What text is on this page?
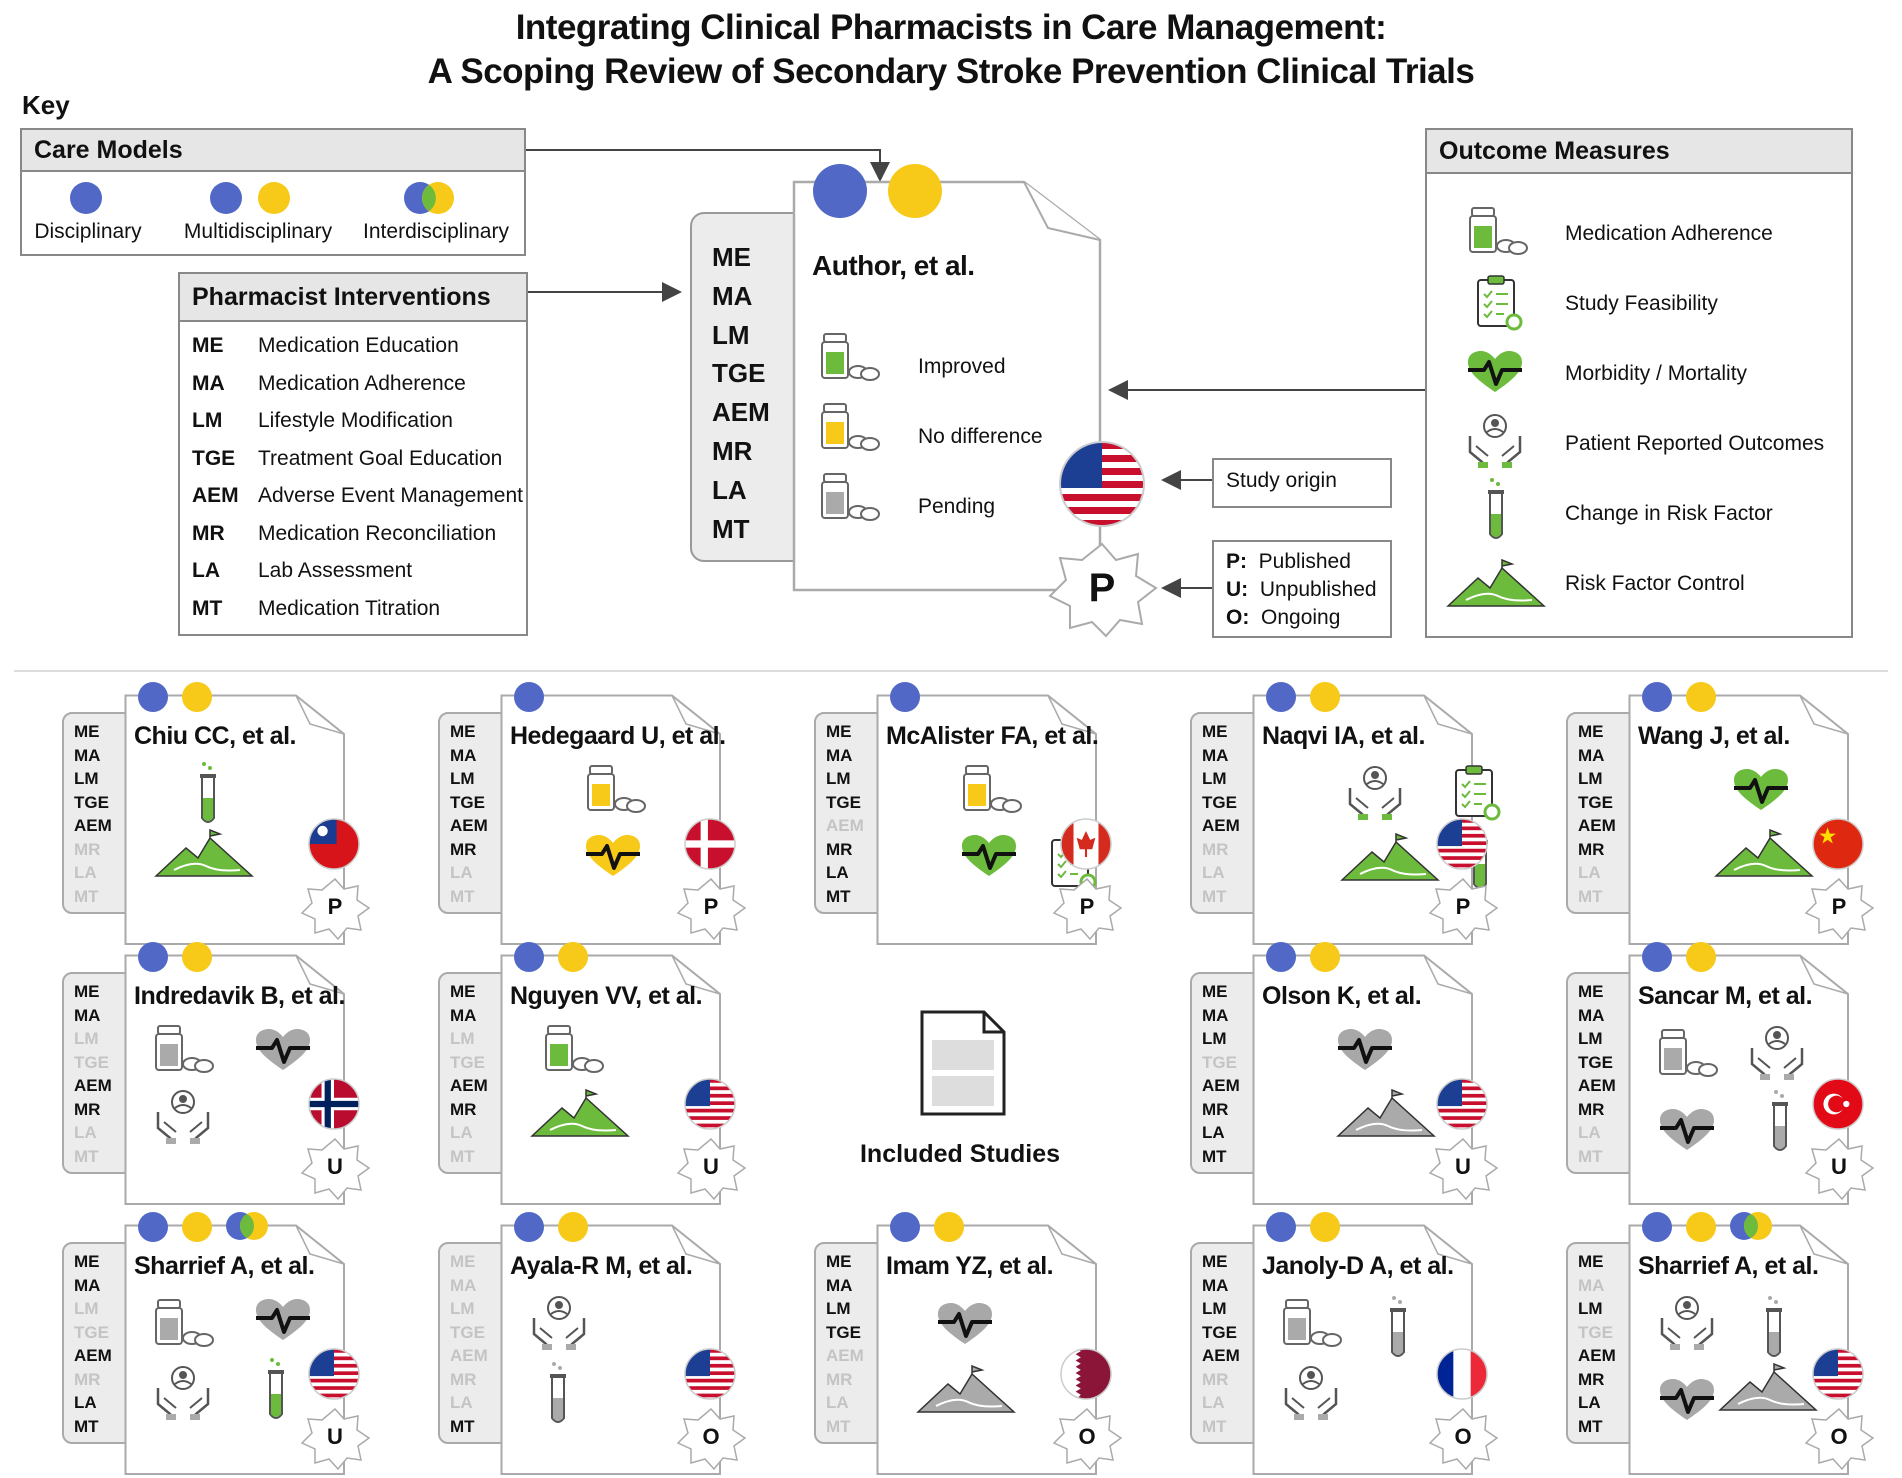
Integrating Clinical Pharmacists in Care Management:
A Scoping Review of Secondary Stroke Prevention Clinical Trials
Key
Care Models
Disciplinary	Multidisciplinary	Interdisciplinary
Pharmacist Interventions
ME	Medication Education
MA	Medication Adherence
LM	Lifestyle Modification
TGE	Treatment Goal Education
AEM Adverse Event Management
MR	Medication Reconciliation
LA	Lab Assessment
MT	Medication Titration
ME
MA
LM
TGE
AEM
MR
LA
MT
Author, et al.
Improved
No difference
Pending
P
Study origin
P: Published
U: Unpublished
O: Ongoing
Outcome Measures
Medication Adherence
Study Feasibility
Morbidity / Mortality
Patient Reported Outcomes
Change in Risk Factor
Risk Factor Control
Included Studies
ME
MA
LM
TGE
AEM
MR
LA
MT
Chiu CC, et al.
P
ME
MA
LM
TGE
AEM
MR
LA
MT
Hedegaard U, et al.
P
ME
MA
LM
TGE
AEM
MR
LA
MT
McAlister FA, et al.
P
ME
MA
LM
TGE
AEM
MR
LA
MT
Naqvi IA, et al.
P
ME
MA
LM
TGE
AEM
MR
LA
MT
Wang J, et al.
P
ME
MA
LM
TGE
AEM
MR
LA
MT
Indredavik B, et al.
U
ME
MA
LM
TGE
AEM
MR
LA
MT
Nguyen VV, et al.
U
ME
MA
LM
TGE
AEM
MR
LA
MT
Olson K, et al.
U
ME
MA
LM
TGE
AEM
MR
LA
MT
Sancar M, et al.
U
ME
MA
LM
TGE
AEM
MR
LA
MT
Sharrief A, et al.
U
ME
MA
LM
TGE
AEM
MR
LA
MT
Ayala-R M, et al.
O
ME
MA
LM
TGE
AEM
MR
LA
MT
Imam YZ, et al.
O
ME
MA
LM
TGE
AEM
MR
LA
MT
Janoly-D A, et al.
O
ME
MA
LM
TGE
AEM
MR
LA
MT
Sharrief A, et al.
O
